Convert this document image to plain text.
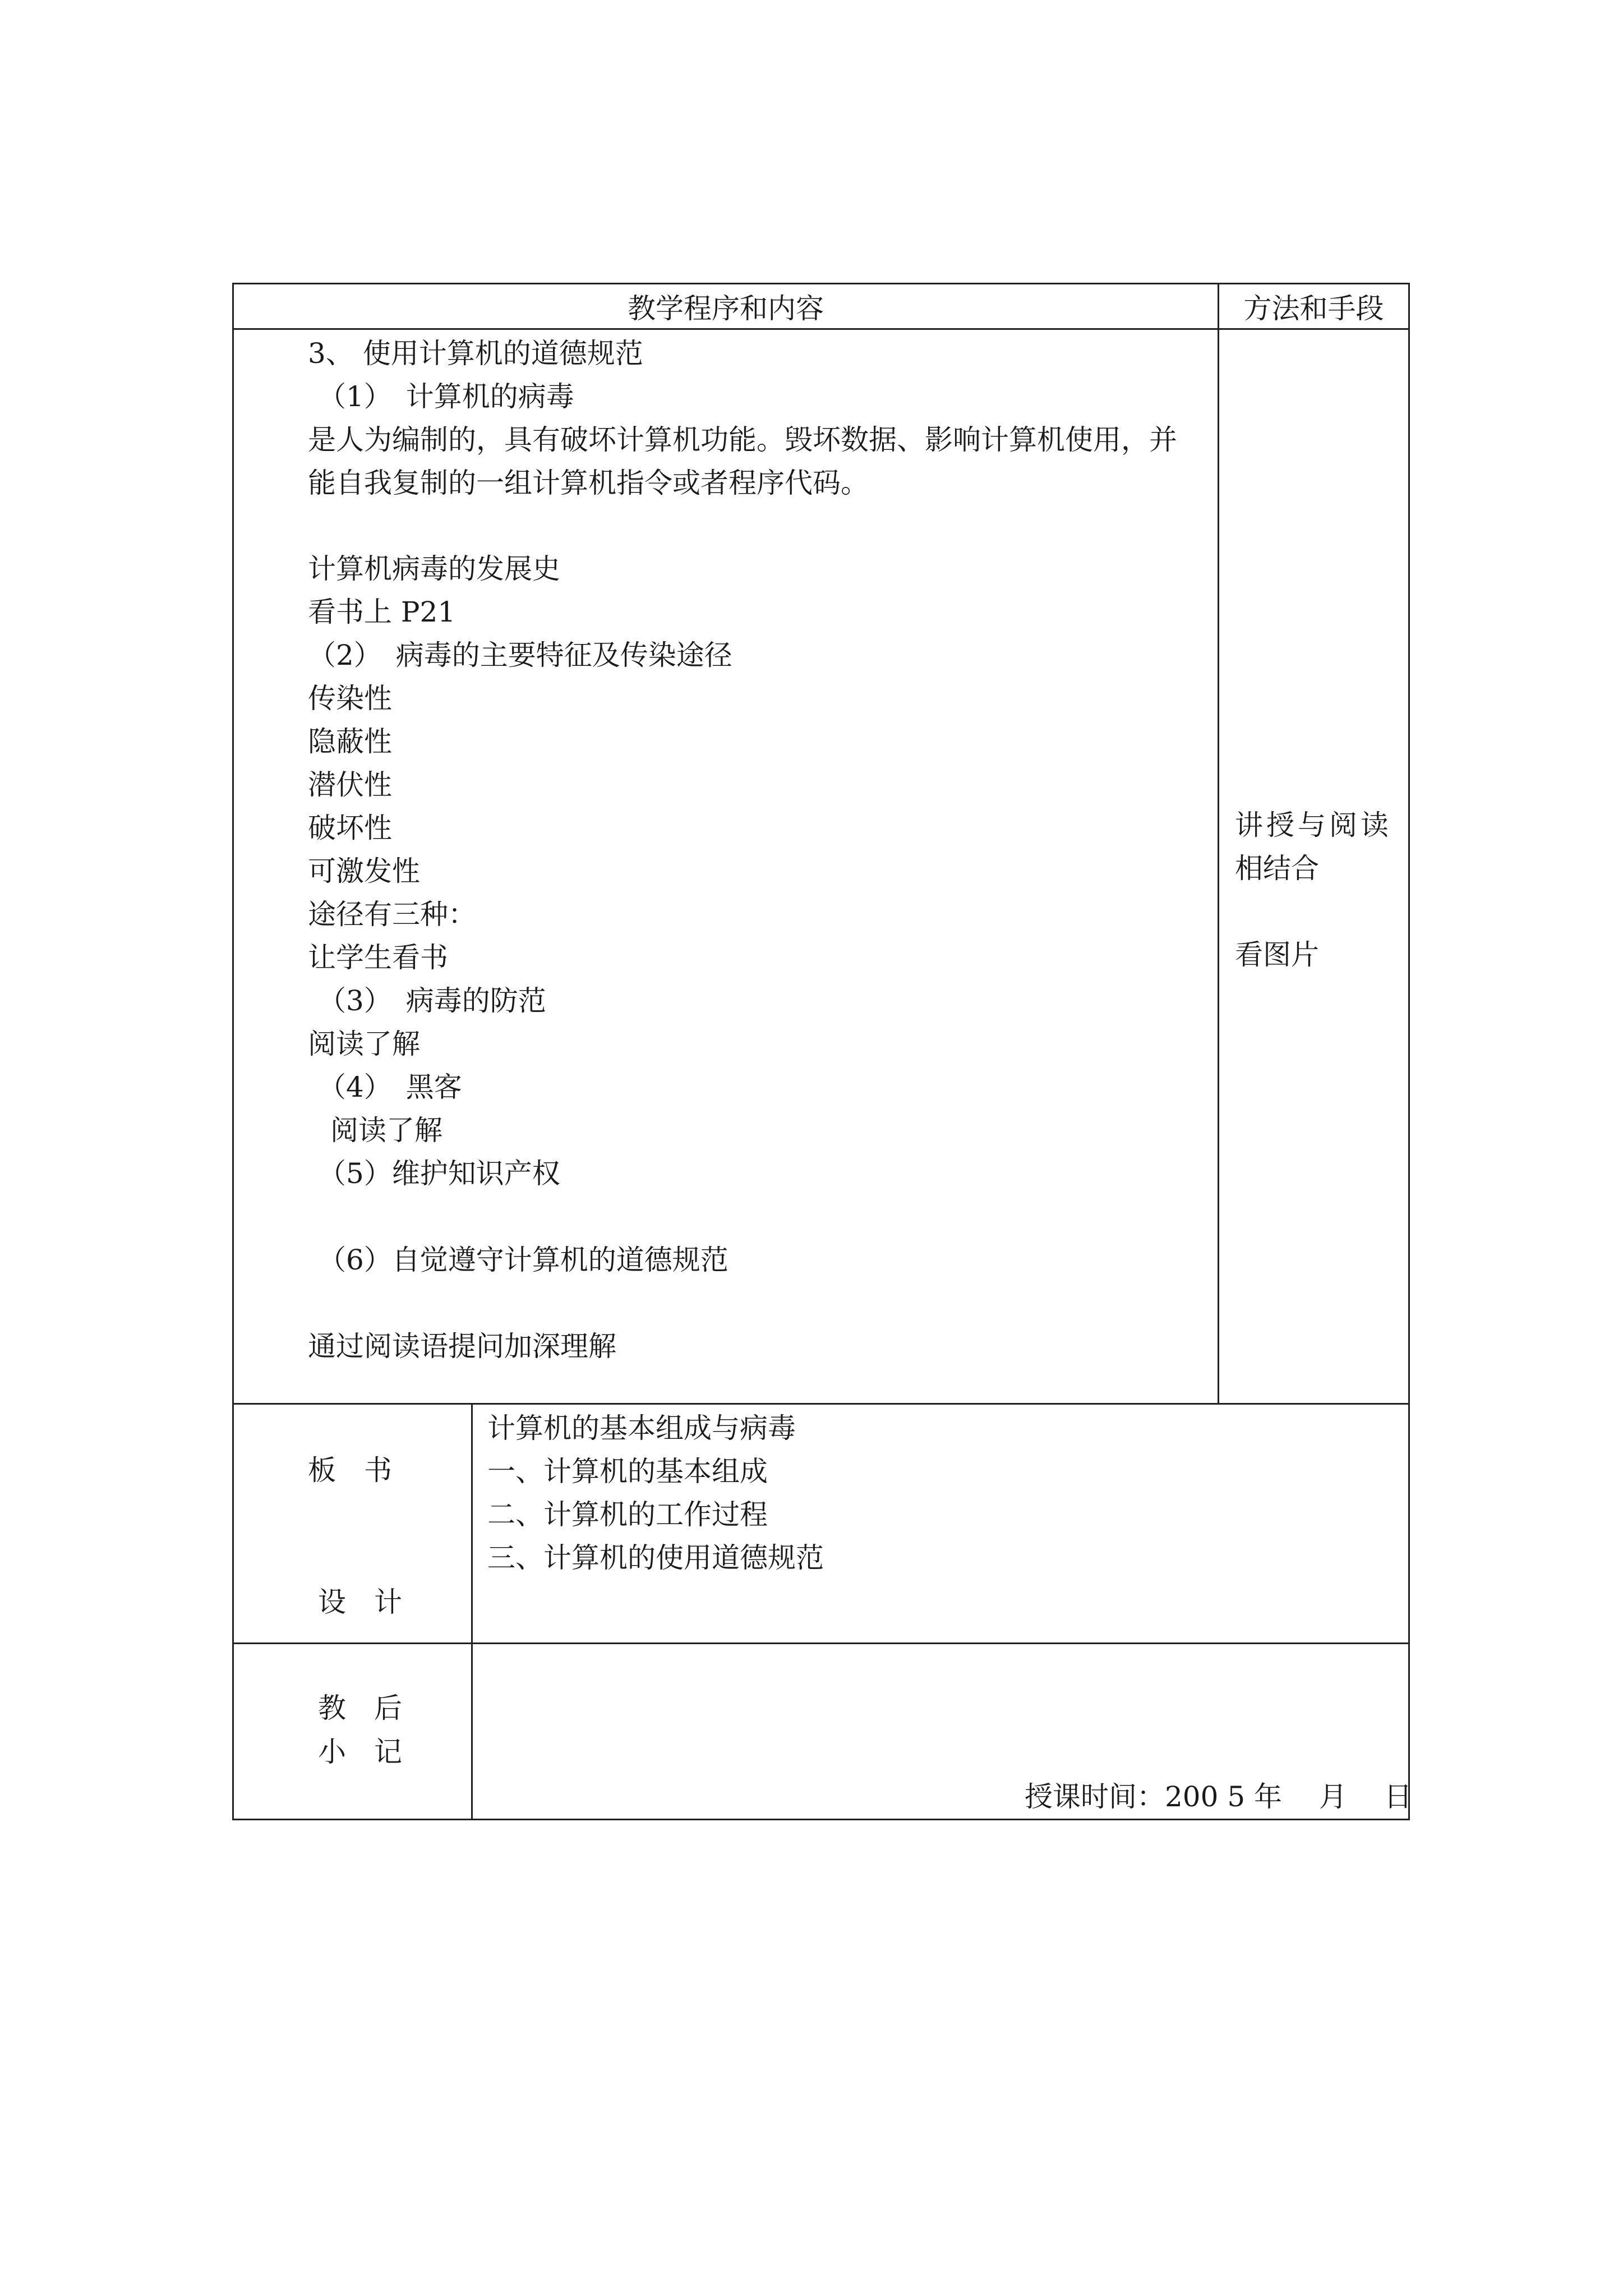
教学程序和内容	方法和手段
3、 使用计算机的道德规范
（1）　计算机的病毒
是人为编制的，具有破坏计算机功能。毁坏数据、影响计算机使用，并
能自我复制的一组计算机指令或者程序代码。
计算机病毒的发展史
看书上 P21
（2）　病毒的主要特征及传染途径
传染性
隐蔽性
潜伏性
破坏性
可激发性
途径有三种：
让学生看书
（3）　病毒的防范
阅读了解
（4）　黑客
阅读了解
（5）维护知识产权
（6）自觉遵守计算机的道德规范
通过阅读语提问加深理解
讲授与阅读
相结合
看图片
板　书
设　计
计算机的基本组成与病毒
一、计算机的基本组成
二、计算机的工作过程
三、计算机的使用道德规范
教　后
小　记
授课时间：200 5 年　 月　 日
